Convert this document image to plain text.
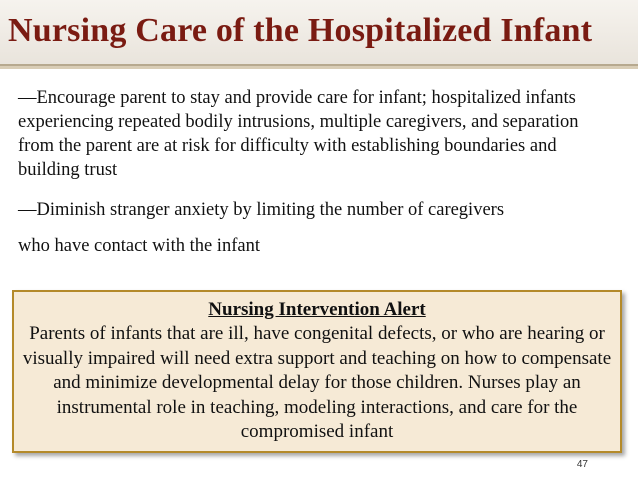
Nursing Care of the Hospitalized Infant

—Encourage parent to stay and provide care for infant; hospitalized infants experiencing repeated bodily intrusions, multiple caregivers, and separation from the parent are at risk for difficulty with establishing boundaries and building trust

—Diminish stranger anxiety by limiting the number of caregivers

who have contact with the infant

Nursing Intervention Alert
Parents of infants that are ill, have congenital defects, or who are hearing or visually impaired will need extra support and teaching on how to compensate and minimize developmental delay for those children. Nurses play an instrumental role in teaching, modeling interactions, and care for the compromised infant
47
